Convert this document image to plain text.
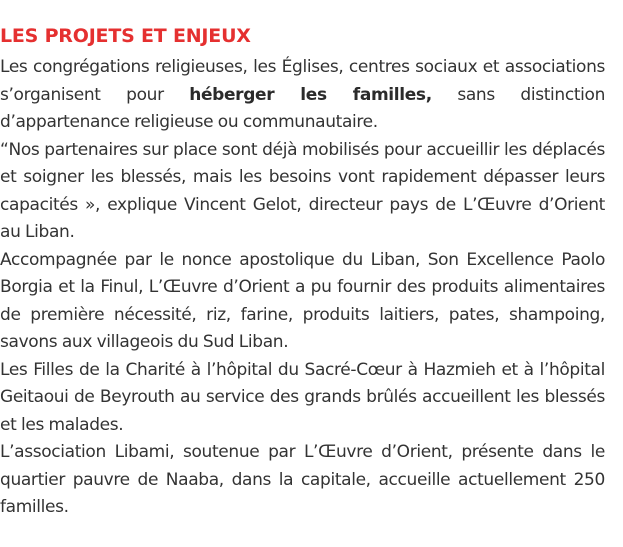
LES PROJETS ET ENJEUX

Les congrégations religieuses, les Églises, centres sociaux et associations s’organisent pour héberger les familles, sans distinction d’appartenance religieuse ou communautaire.

“Nos partenaires sur place sont déjà mobilisés pour accueillir les déplacés et soigner les blessés, mais les besoins vont rapidement dépasser leurs capacités », explique Vincent Gelot, directeur pays de L’Œuvre d’Orient au Liban.

Accompagnée par le nonce apostolique du Liban, Son Excellence Paolo Borgia et la Finul, L’Œuvre d’Orient a pu fournir des produits alimentaires de première nécessité, riz, farine, produits laitiers, pates, shampoing, savons aux villageois du Sud Liban.

Les Filles de la Charité à l’hôpital du Sacré-Cœur à Hazmieh et à l’hôpital Geitaoui de Beyrouth au service des grands brûlés accueillent les blessés et les malades.

L’association Libami, soutenue par L’Œuvre d’Orient, présente dans le quartier pauvre de Naaba, dans la capitale, accueille actuellement 250 familles.
